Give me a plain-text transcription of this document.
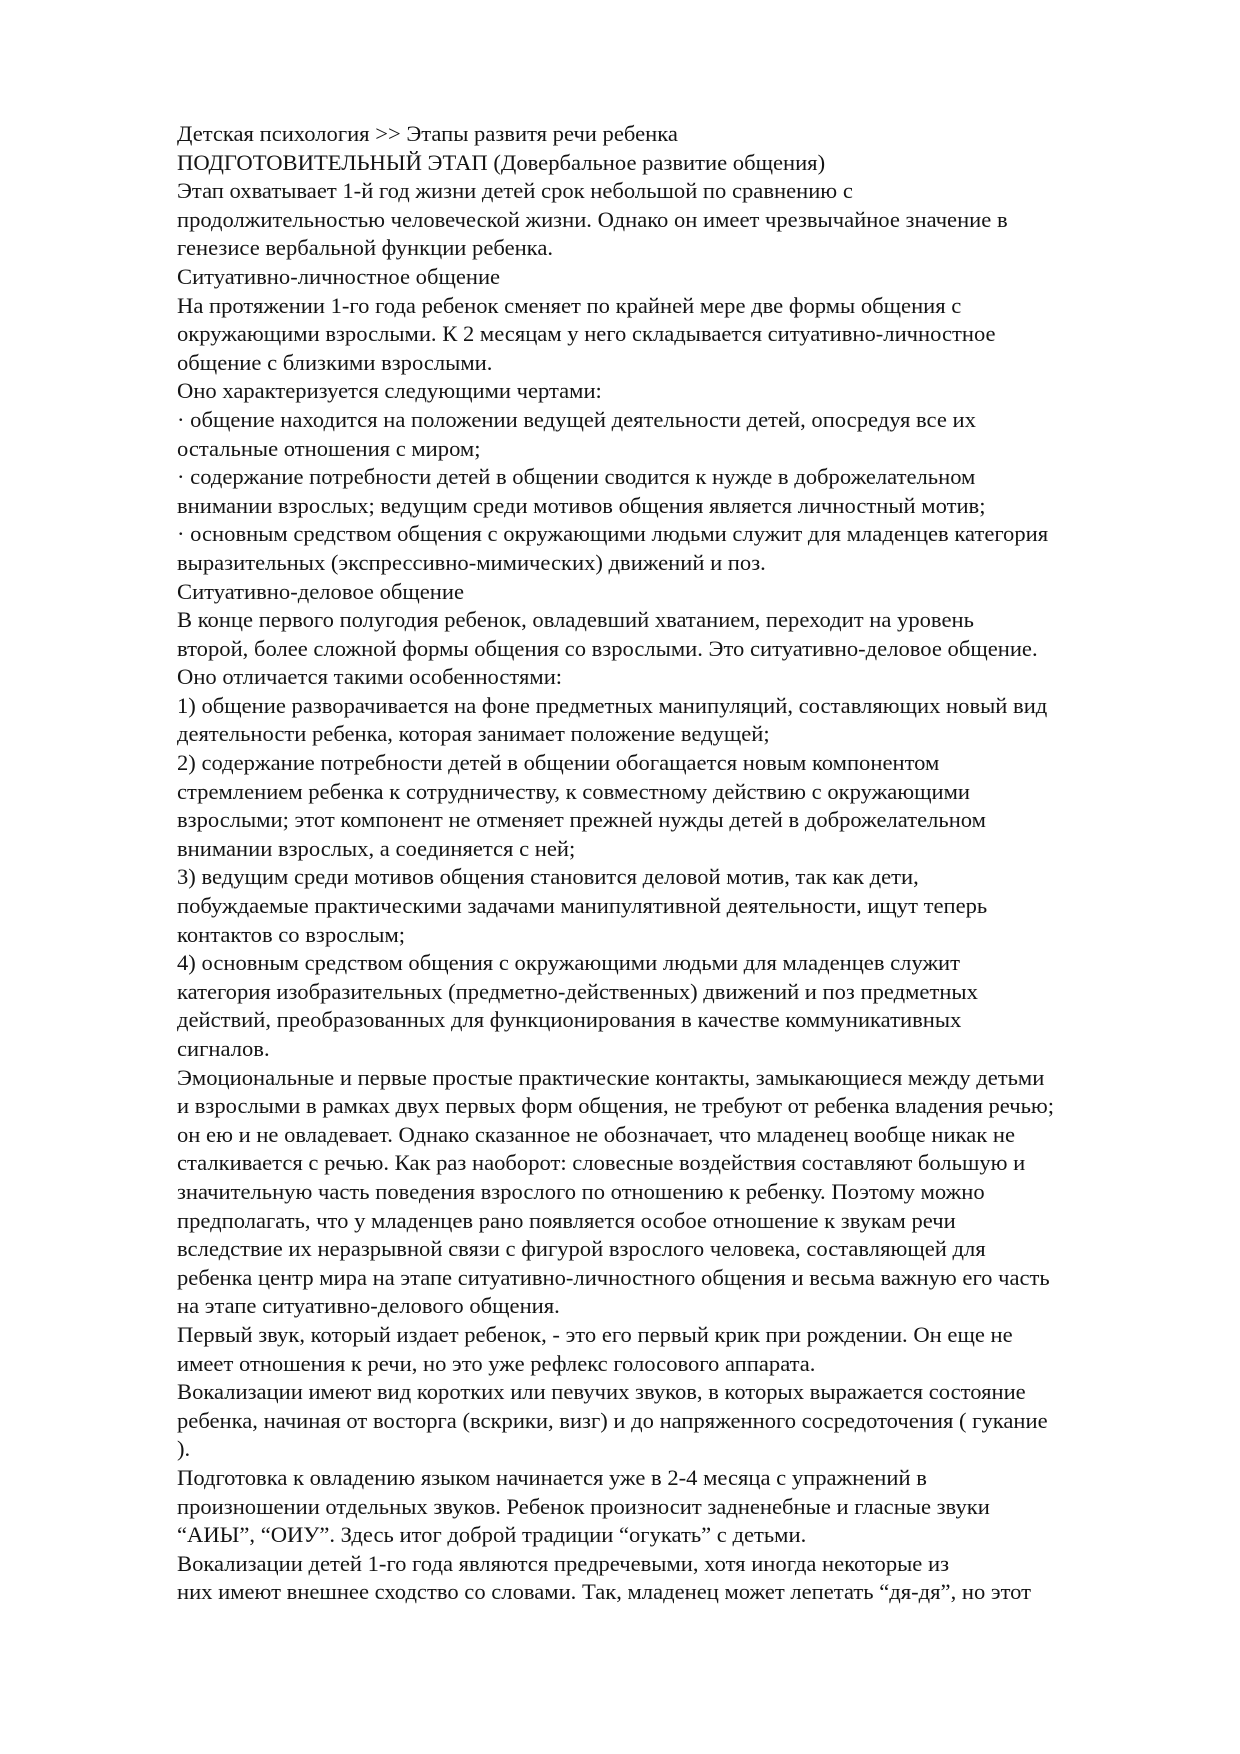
Детская психология >> Этапы развитя речи ребенка
ПОДГОТОВИТЕЛЬНЫЙ ЭТАП (Довербальное развитие общения)
Этап охватывает 1-й год жизни детей срок небольшой по сравнению с
продолжительностью человеческой жизни. Однако он имеет чрезвычайное значение в
генезисе вербальной функции ребенка.
Ситуативно-личностное общение
На протяжении 1-го года ребенок сменяет по крайней мере две формы общения с
окружающими взрослыми. К 2 месяцам у него складывается ситуативно-личностное
общение с близкими взрослыми.
Оно характеризуется следующими чертами:
· общение находится на положении ведущей деятельности детей, опосредуя все их
остальные отношения с миром;
· содержание потребности детей в общении сводится к нужде в доброжелательном
внимании взрослых; ведущим среди мотивов общения является личностный мотив;
· основным средством общения с окружающими людьми служит для младенцев категория
выразительных (экспрессивно-мимических) движений и поз.
Ситуативно-деловое общение
В конце первого полугодия ребенок, овладевший хватанием, переходит на уровень
второй, более сложной формы общения со взрослыми. Это ситуативно-деловое общение.
Оно отличается такими особенностями:
1) общение разворачивается на фоне предметных манипуляций, составляющих новый вид
деятельности ребенка, которая занимает положение ведущей;
2) содержание потребности детей в общении обогащается новым компонентом
стремлением ребенка к сотрудничеству, к совместному действию с окружающими
взрослыми; этот компонент не отменяет прежней нужды детей в доброжелательном
внимании взрослых, а соединяется с ней;
3) ведущим среди мотивов общения становится деловой мотив, так как дети,
побуждаемые практическими задачами манипулятивной деятельности, ищут теперь
контактов со взрослым;
4) основным средством общения с окружающими людьми для младенцев служит
категория изобразительных (предметно-действенных) движений и поз предметных
действий, преобразованных для функционирования в качестве коммуникативных
сигналов.
Эмоциональные и первые простые практические контакты, замыкающиеся между детьми
и взрослыми в рамках двух первых форм общения, не требуют от ребенка владения речью;
он ею и не овладевает. Однако сказанное не обозначает, что младенец вообще никак не
сталкивается с речью. Как раз наоборот: словесные воздействия составляют большую и
значительную часть поведения взрослого по отношению к ребенку. Поэтому можно
предполагать, что у младенцев рано появляется особое отношение к звукам речи
вследствие их неразрывной связи с фигурой взрослого человека, составляющей для
ребенка центр мира на этапе ситуативно-личностного общения и весьма важную его часть
на этапе ситуативно-делового общения.
Первый звук, который издает ребенок, - это его первый крик при рождении. Он еще не
имеет отношения к речи, но это уже рефлекс голосового аппарата.
Вокализации имеют вид коротких или певучих звуков, в которых выражается состояние
ребенка, начиная от восторга (вскрики, визг) и до напряженного сосредоточения ( гукание
).
Подготовка к овладению языком начинается уже в 2-4 месяца с упражнений в
произношении отдельных звуков. Ребенок произносит задненебные и гласные звуки
“АИЫ”, “ОИУ”. Здесь итог доброй традиции “огукать” с детьми.
Вокализации детей 1-го года являются предречевыми, хотя иногда некоторые из
них имеют внешнее сходство со словами. Так, младенец может лепетать “дя-дя”, но этот
